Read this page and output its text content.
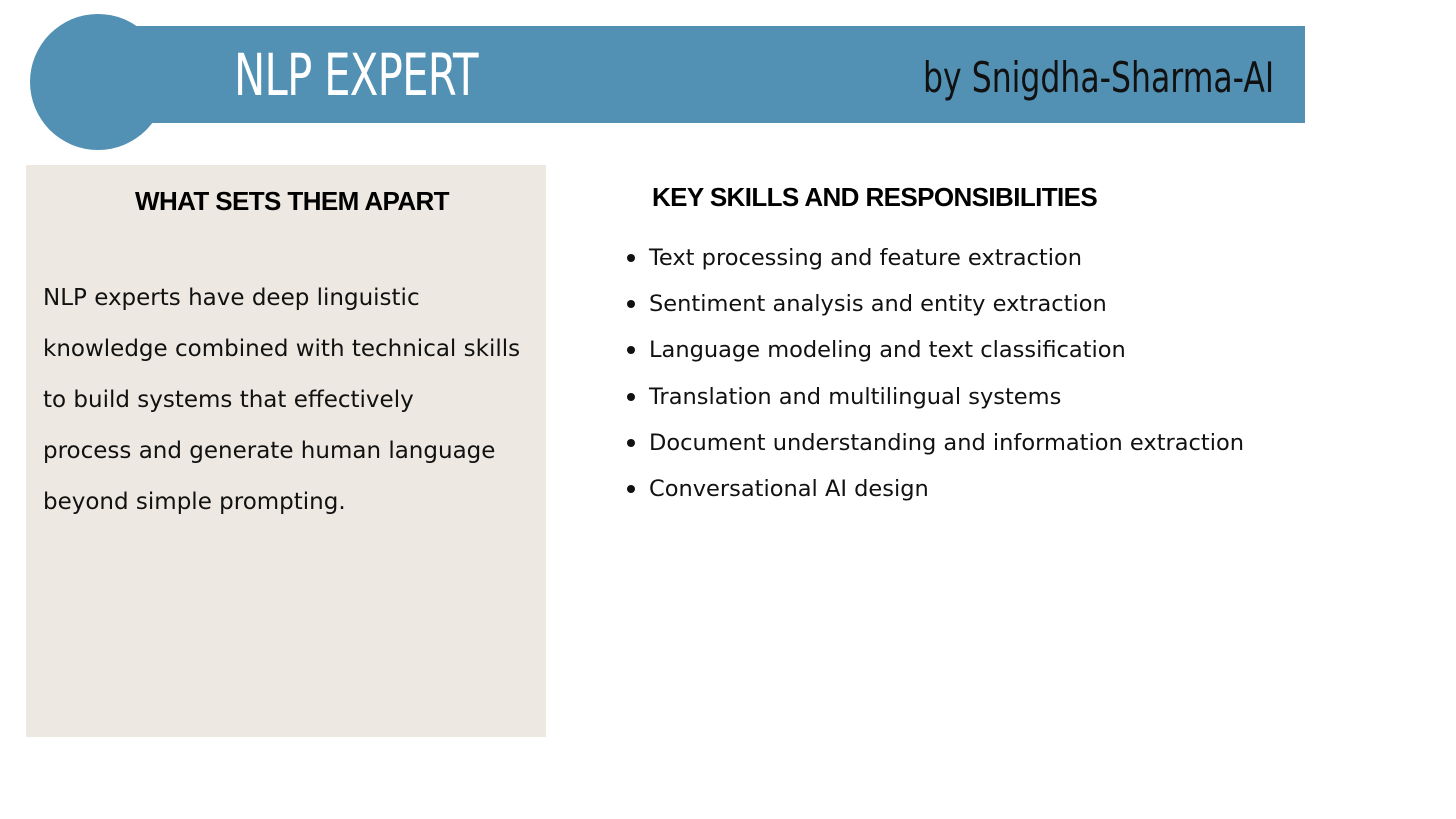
NLP EXPERT	by Snigdha-Sharma-AI
WHAT SETS THEM APART
NLP experts have deep linguistic
knowledge combined with technical skills
to build systems that effectively
process and generate human language
beyond simple prompting.
KEY SKILLS AND RESPONSIBILITIES
Text processing and feature extraction
Sentiment analysis and entity extraction
Language modeling and text classification
Translation and multilingual systems
Document understanding and information extraction
Conversational AI design
